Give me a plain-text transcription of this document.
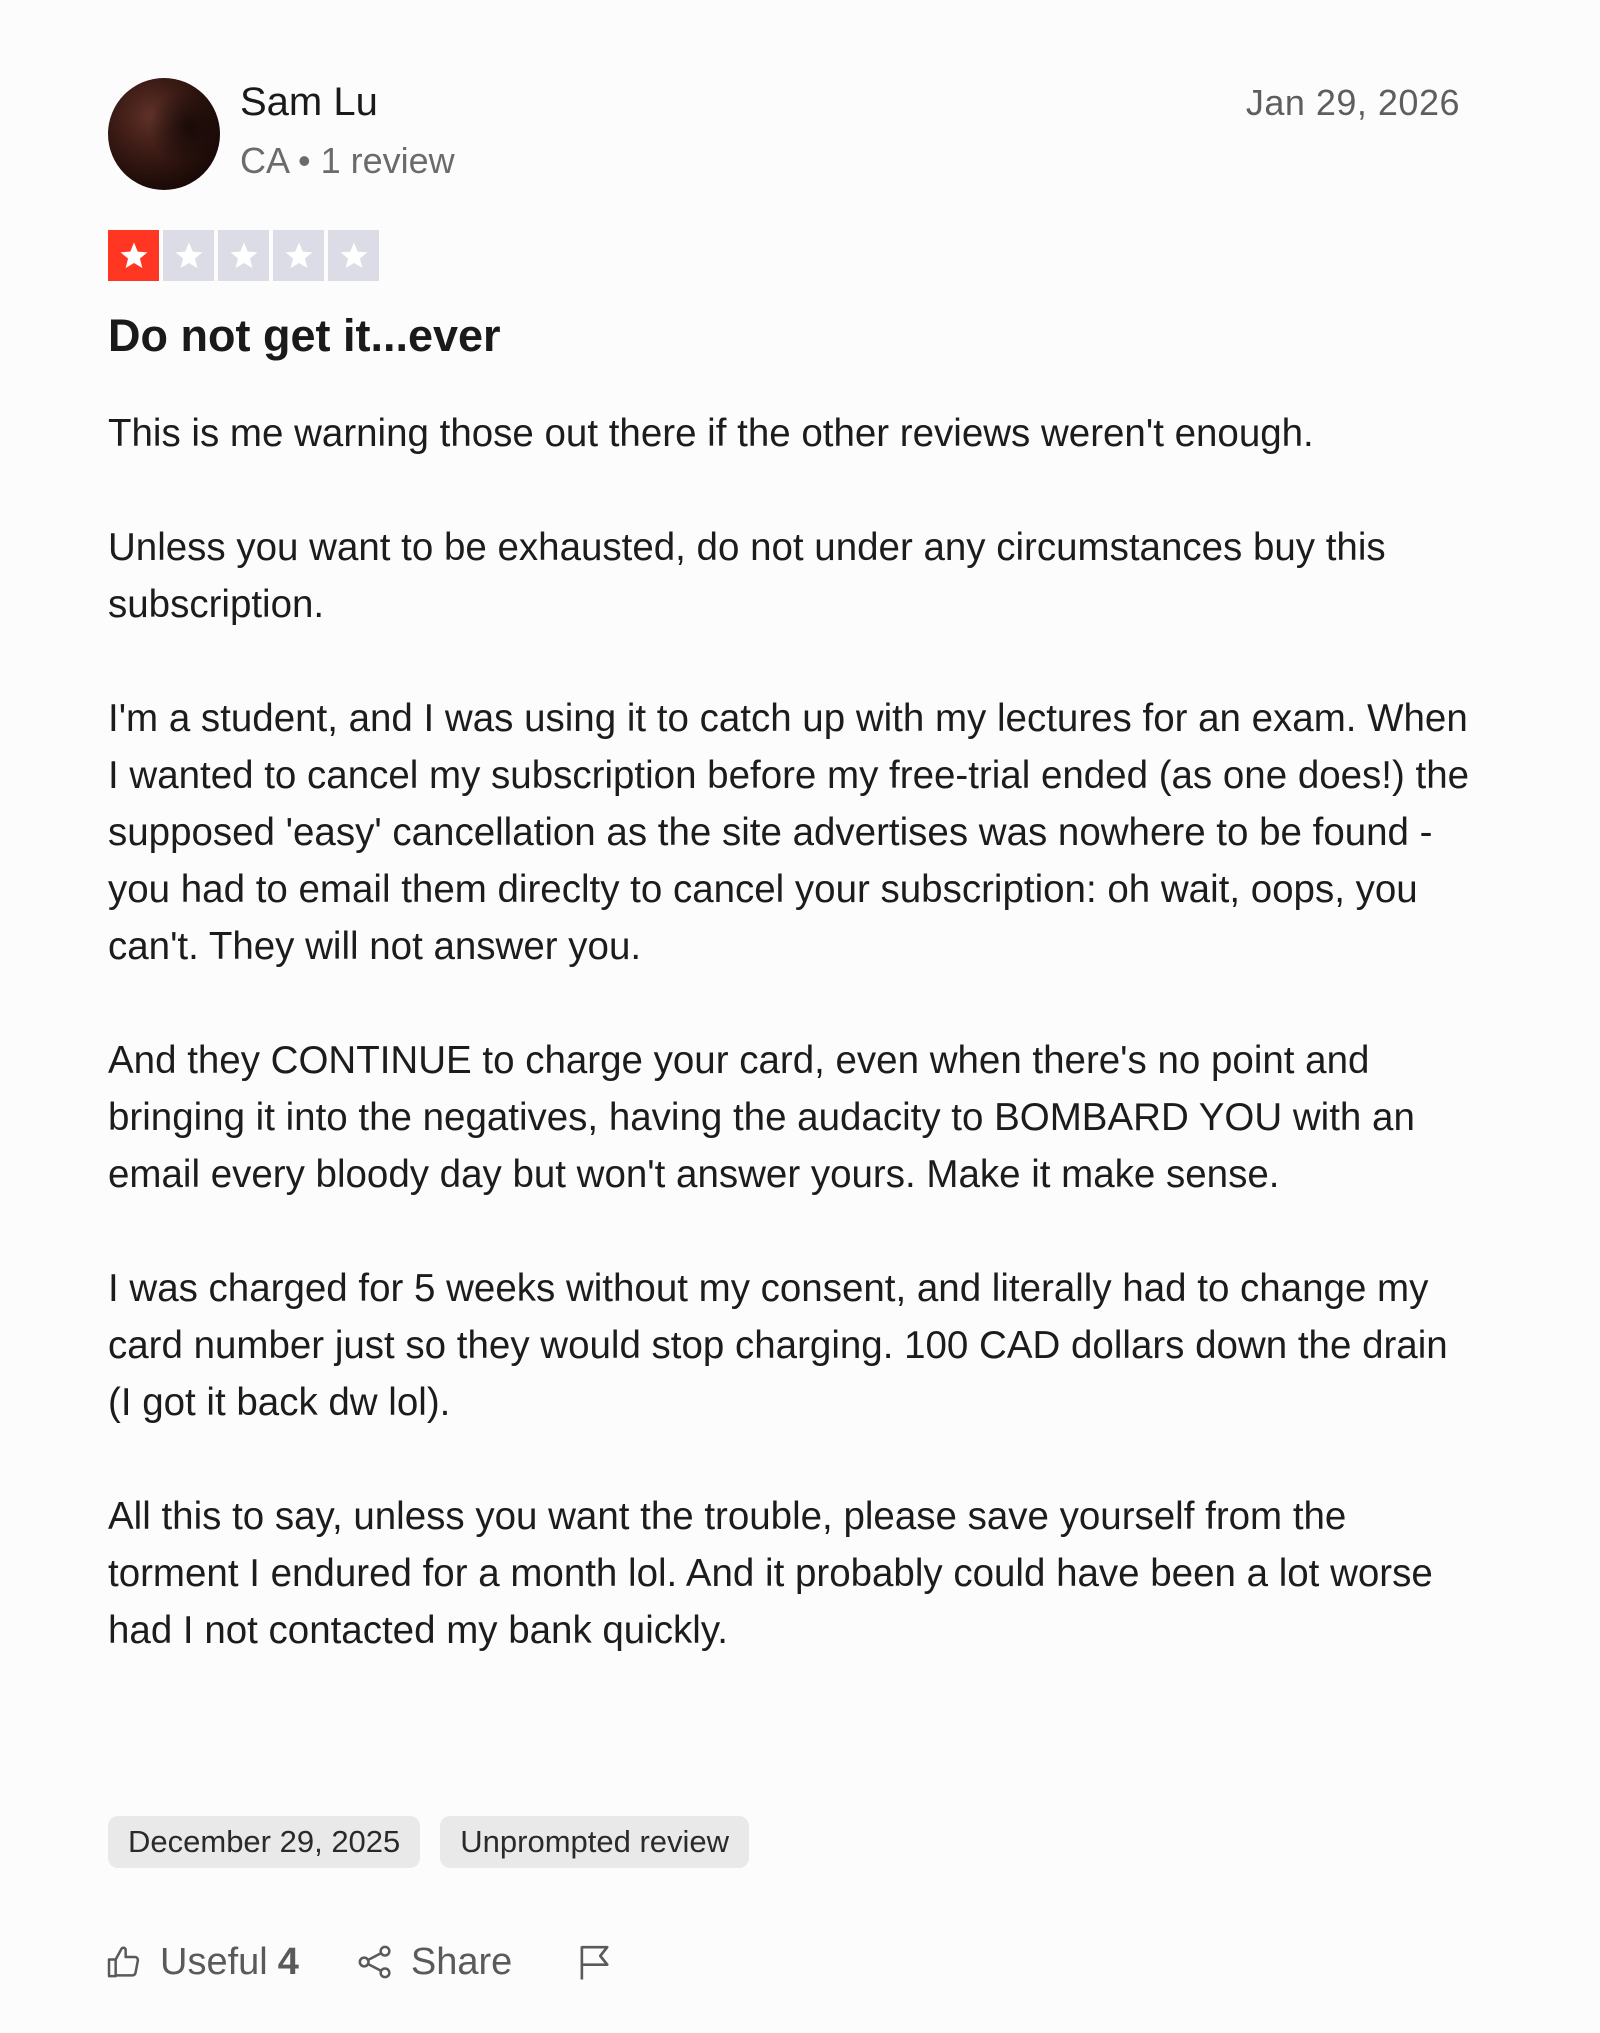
Sam Lu
CA • 1 review
Jan 29, 2026
Do not get it...ever

This is me warning those out there if the other reviews weren't enough.

Unless you want to be exhausted, do not under any circumstances buy this subscription.

I'm a student, and I was using it to catch up with my lectures for an exam. When I wanted to cancel my subscription before my free-trial ended (as one does!) the supposed 'easy' cancellation as the site advertises was nowhere to be found - you had to email them direclty to cancel your subscription: oh wait, oops, you can't. They will not answer you.

And they CONTINUE to charge your card, even when there's no point and bringing it into the negatives, having the audacity to BOMBARD YOU with an email every bloody day but won't answer yours. Make it make sense.

I was charged for 5 weeks without my consent, and literally had to change my card number just so they would stop charging. 100 CAD dollars down the drain (I got it back dw lol).

All this to say, unless you want the trouble, please save yourself from the torment I endured for a month lol. And it probably could have been a lot worse had I not contacted my bank quickly.

December 29, 2025	Unprompted review
Useful 4	Share
